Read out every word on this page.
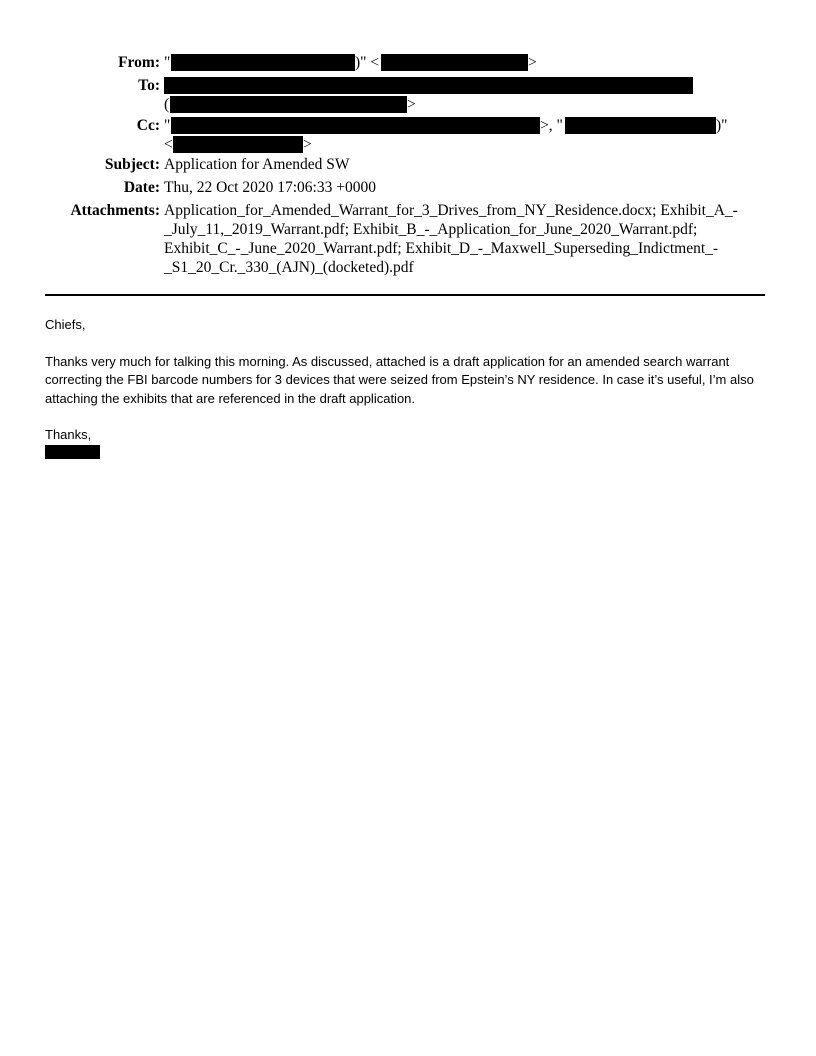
From: "	)" <	>
To:
(	>
Cc: "	>, "	)"
<	>
Subject: Application for Amended SW
Date: Thu, 22 Oct 2020 17:06:33 +0000
Attachments: Application_for_Amended_Warrant_for_3_Drives_from_NY_Residence.docx; Exhibit_A_-
_July_11,_2019_Warrant.pdf; Exhibit_B_-_Application_for_June_2020_Warrant.pdf;
Exhibit_C_-_June_2020_Warrant.pdf; Exhibit_D_-_Maxwell_Superseding_Indictment_-
_S1_20_Cr._330_(AJN)_(docketed).pdf

Chiefs,

Thanks very much for talking this morning. As discussed, attached is a draft application for an amended search warrant correcting the FBI barcode numbers for 3 devices that were seized from Epstein’s NY residence. In case it’s useful, I’m also attaching the exhibits that are referenced in the draft application.

Thanks,
